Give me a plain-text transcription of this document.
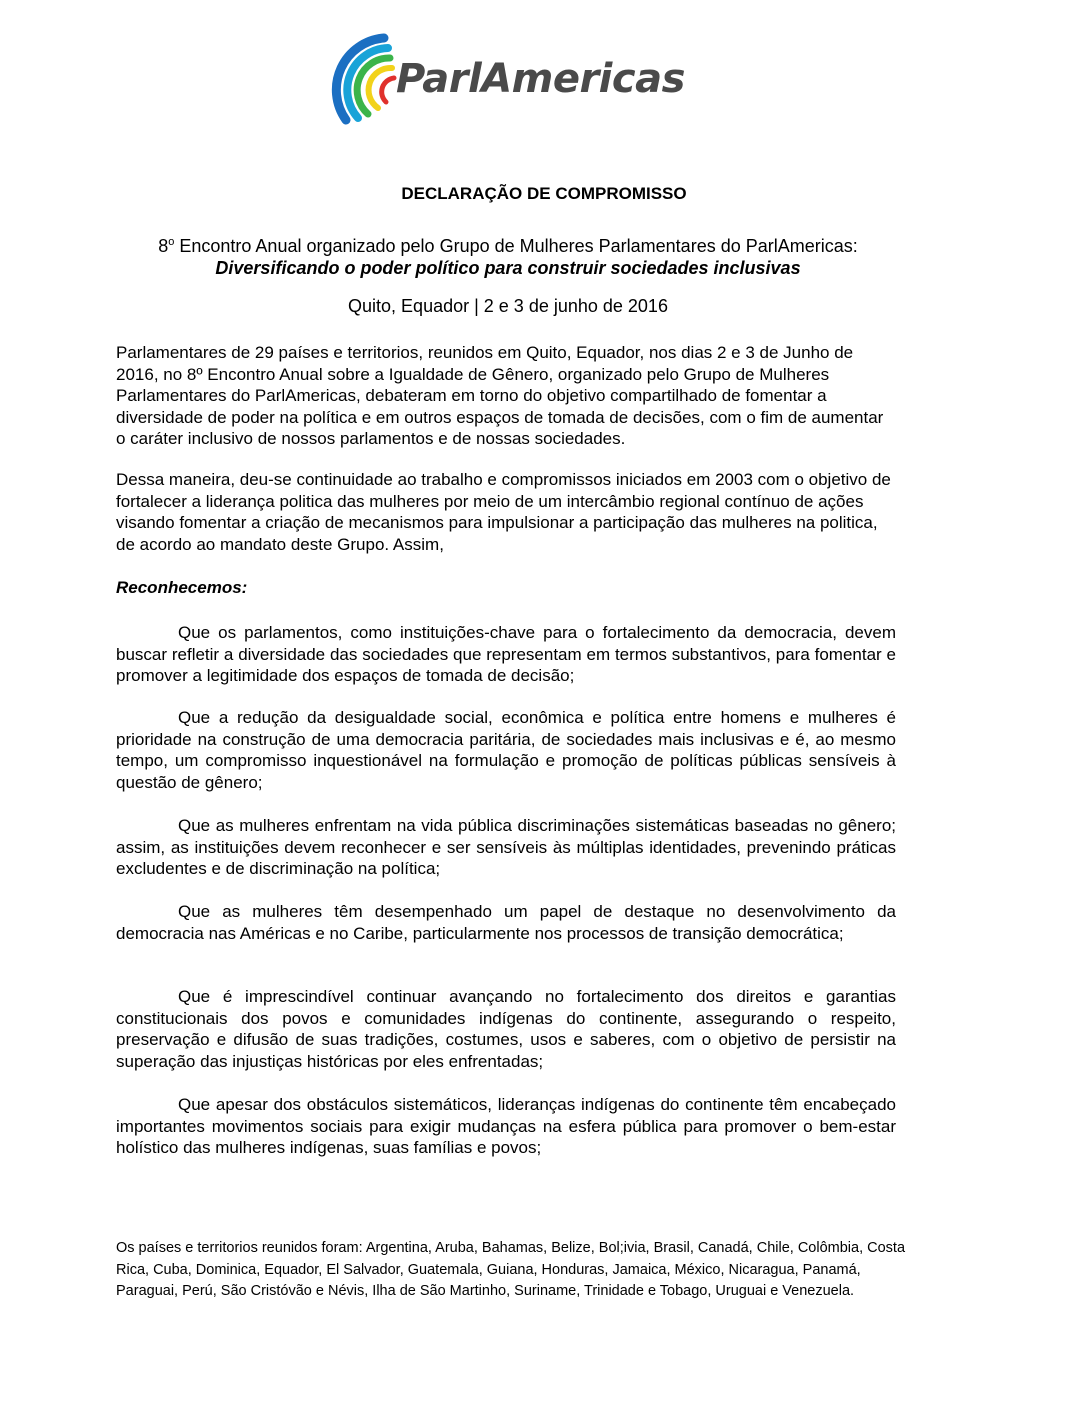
ParlAmericas
DECLARAÇÃO DE COMPROMISSO
8$^o$ Encontro Anual organizado pelo Grupo de Mulheres Parlamentares do ParlAmericas:
Diversificando o poder político para construir sociedades inclusivas
Quito, Equador | 2 e 3 de junho de 2016
Parlamentares de 29 países e territorios, reunidos em Quito, Equador, nos dias 2 e 3 de Junho de 2016, no 8º Encontro Anual sobre a Igualdade de Gênero, organizado pelo Grupo de Mulheres Parlamentares do ParlAmericas, debateram em torno do objetivo compartilhado de fomentar a diversidade de poder na política e em outros espaços de tomada de decisões, com o fim de aumentar o caráter inclusivo de nossos parlamentos e de nossas sociedades.
Dessa maneira, deu-se continuidade ao trabalho e compromissos iniciados em 2003 com o objetivo de fortalecer a liderança politica das mulheres por meio de um intercâmbio regional contínuo de ações visando fomentar a criação de mecanismos para impulsionar a participação das mulheres na politica, de acordo ao mandato deste Grupo. Assim,
Reconhecemos:
Que os parlamentos, como instituições-chave para o fortalecimento da democracia, devem buscar refletir a diversidade das sociedades que representam em termos substantivos, para fomentar e promover a legitimidade dos espaços de tomada de decisão;
Que a redução da desigualdade social, econômica e política entre homens e mulheres é prioridade na construção de uma democracia paritária, de sociedades mais inclusivas e é, ao mesmo tempo, um compromisso inquestionável na formulação e promoção de políticas públicas sensíveis à questão de gênero;
Que as mulheres enfrentam na vida pública discriminações sistemáticas baseadas no gênero; assim, as instituições devem reconhecer e ser sensíveis às múltiplas identidades, prevenindo práticas excludentes e de discriminação na política;
Que as mulheres têm desempenhado um papel de destaque no desenvolvimento da democracia nas Américas e no Caribe, particularmente nos processos de transição democrática;
Que é imprescindível continuar avançando no fortalecimento dos direitos e garantias constitucionais dos povos e comunidades indígenas do continente, assegurando o respeito, preservação e difusão de suas tradições, costumes, usos e saberes, com o objetivo de persistir na superação das injustiças históricas por eles enfrentadas;
Que apesar dos obstáculos sistemáticos, lideranças indígenas do continente têm encabeçado importantes movimentos sociais para exigir mudanças na esfera pública para promover o bem-estar holístico das mulheres indígenas, suas famílias e povos;
Os países e territorios reunidos foram: Argentina, Aruba, Bahamas, Belize, Bol;ivia, Brasil, Canadá, Chile, Colômbia, Costa Rica, Cuba, Dominica, Equador, El Salvador, Guatemala, Guiana, Honduras, Jamaica, México, Nicaragua, Panamá, Paraguai, Perú, São Cristóvão e Névis, Ilha de São Martinho, Suriname, Trinidade e Tobago, Uruguai e Venezuela.
